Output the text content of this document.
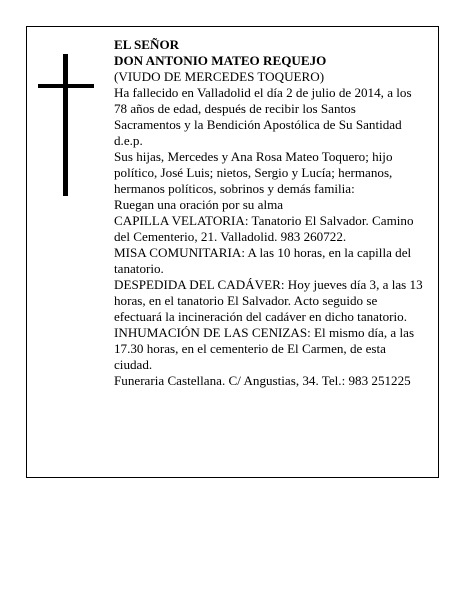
EL SEÑOR

DON ANTONIO MATEO REQUEJO

(VIUDO DE MERCEDES TOQUERO)

Ha fallecido en Valladolid el día 2 de julio de 2014, a los 78 años de edad, después de recibir los Santos Sacramentos y la Bendición Apostólica de Su Santidad

d.e.p.

Sus hijas, Mercedes y Ana Rosa Mateo Toquero; hijo político, José Luis; nietos, Sergio y Lucía; hermanos, hermanos políticos, sobrinos y demás familia:

Ruegan una oración por su alma

CAPILLA VELATORIA: Tanatorio El Salvador. Camino del Cementerio, 21. Valladolid. 983 260722.

MISA COMUNITARIA: A las 10 horas, en la capilla del tanatorio.

DESPEDIDA DEL CADÁVER: Hoy jueves día 3, a las 13 horas, en el tanatorio El Salvador. Acto seguido se efectuará la incineración del cadáver en dicho tanatorio.

INHUMACIÓN DE LAS CENIZAS: El mismo día, a las 17.30 horas, en el cementerio de El Carmen, de esta ciudad.

Funeraria Castellana. C/ Angustias, 34. Tel.: 983 251225
